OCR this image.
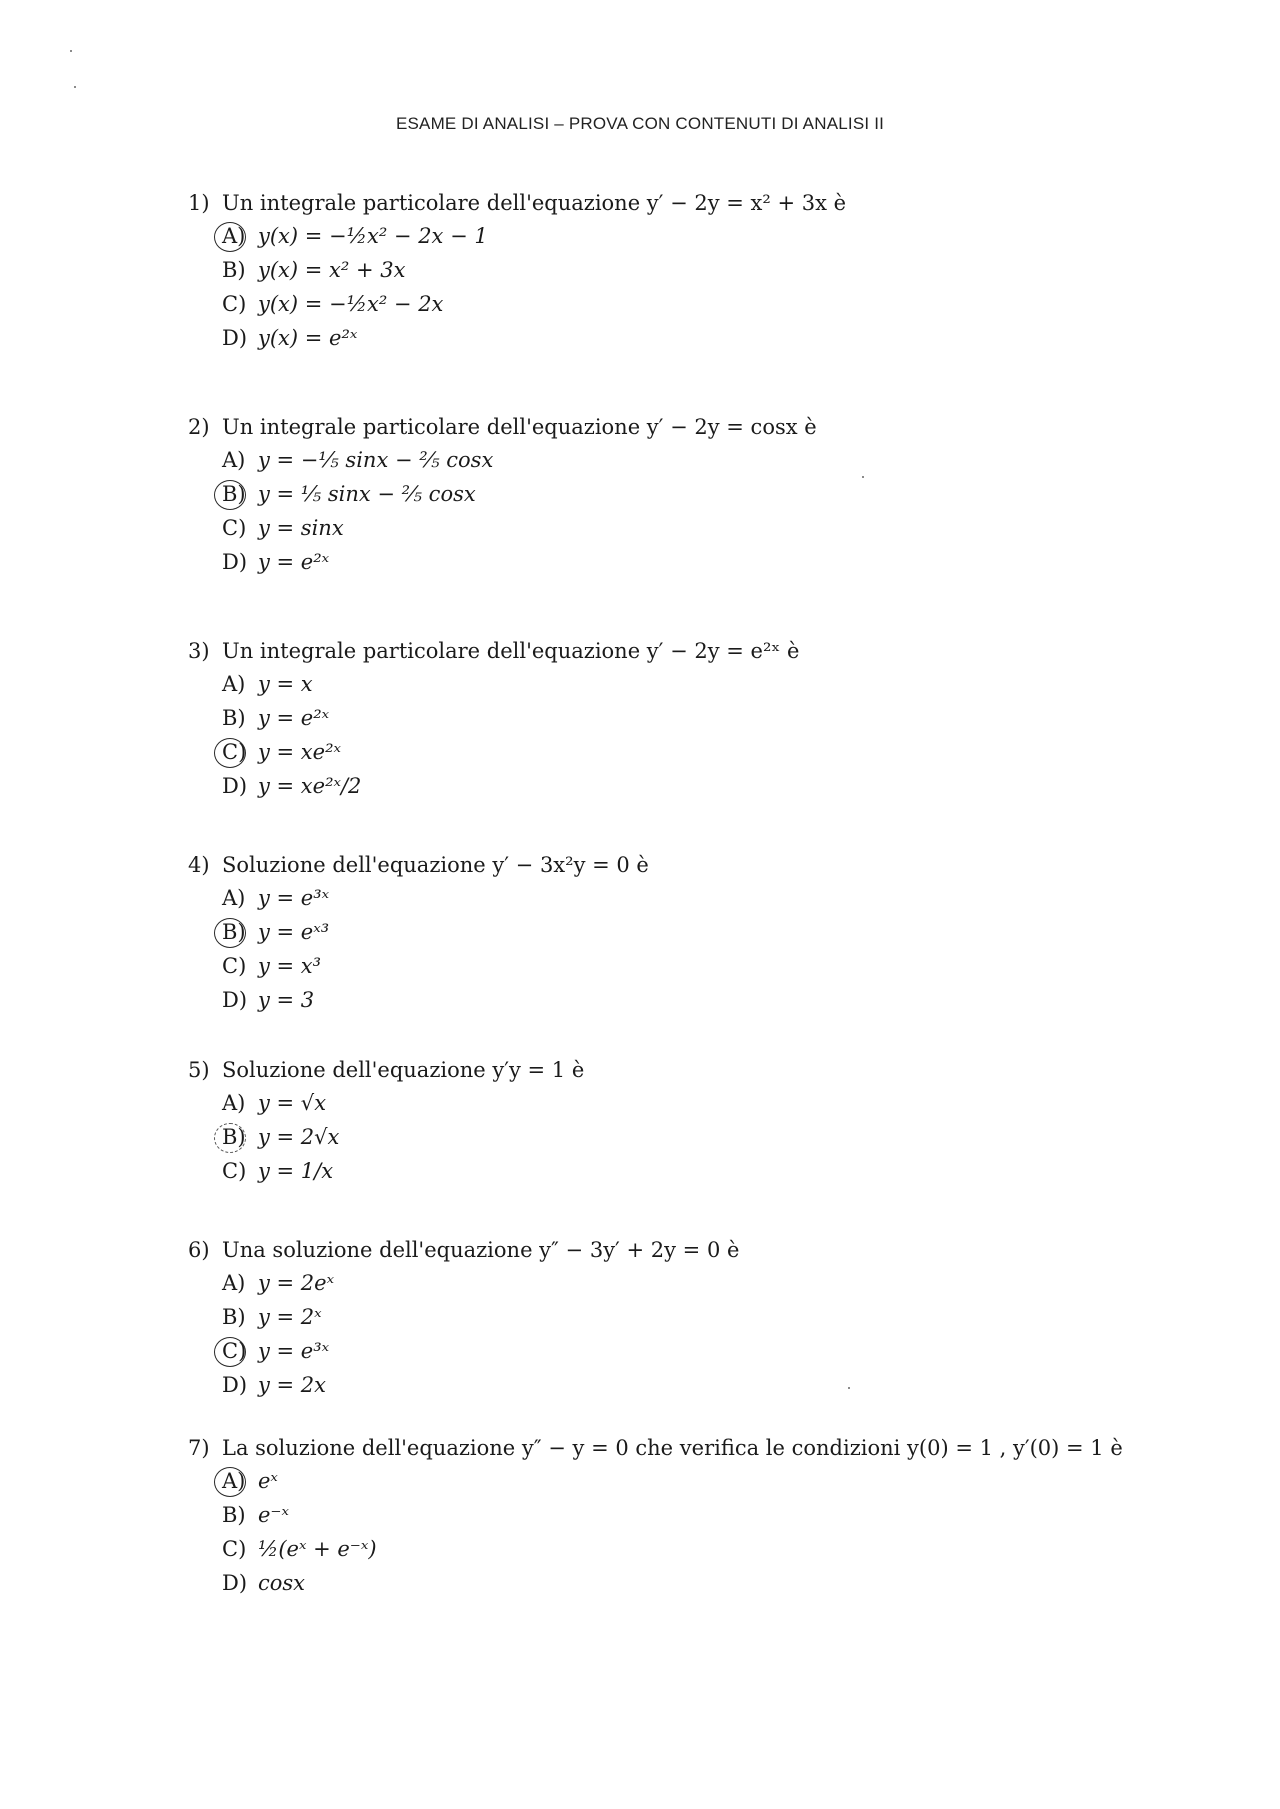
ESAME DI ANALISI – PROVA CON CONTENUTI DI ANALISI II
1) Un integrale particolare dell'equazione y′ − 2y = x² + 3x è
A) y(x) = −½x² − 2x − 1
B) y(x) = x² + 3x
C) y(x) = −½x² − 2x
D) y(x) = e²ˣ
2) Un integrale particolare dell'equazione y′ − 2y = cosx è
A) y = −⅕ sinx − ⅖ cosx
B) y = ⅕ sinx − ⅖ cosx
C) y = sinx
D) y = e²ˣ
3) Un integrale particolare dell'equazione y′ − 2y = e²ˣ è
A) y = x
B) y = e²ˣ
C) y = xe²ˣ
D) y = xe²ˣ/2
4) Soluzione dell'equazione y′ − 3x²y = 0 è
A) y = e³ˣ
B) y = eˣ³
C) y = x³
D) y = 3
5) Soluzione dell'equazione y′y = 1 è
A) y = √x
B) y = 2√x
C) y = 1/x
6) Una soluzione dell'equazione y″ − 3y′ + 2y = 0 è
A) y = 2eˣ
B) y = 2ˣ
C) y = e³ˣ
D) y = 2x
7) La soluzione dell'equazione y″ − y = 0 che verifica le condizioni y(0) = 1 , y′(0) = 1 è
A) eˣ
B) e⁻ˣ
C) ½(eˣ + e⁻ˣ)
D) cosx
